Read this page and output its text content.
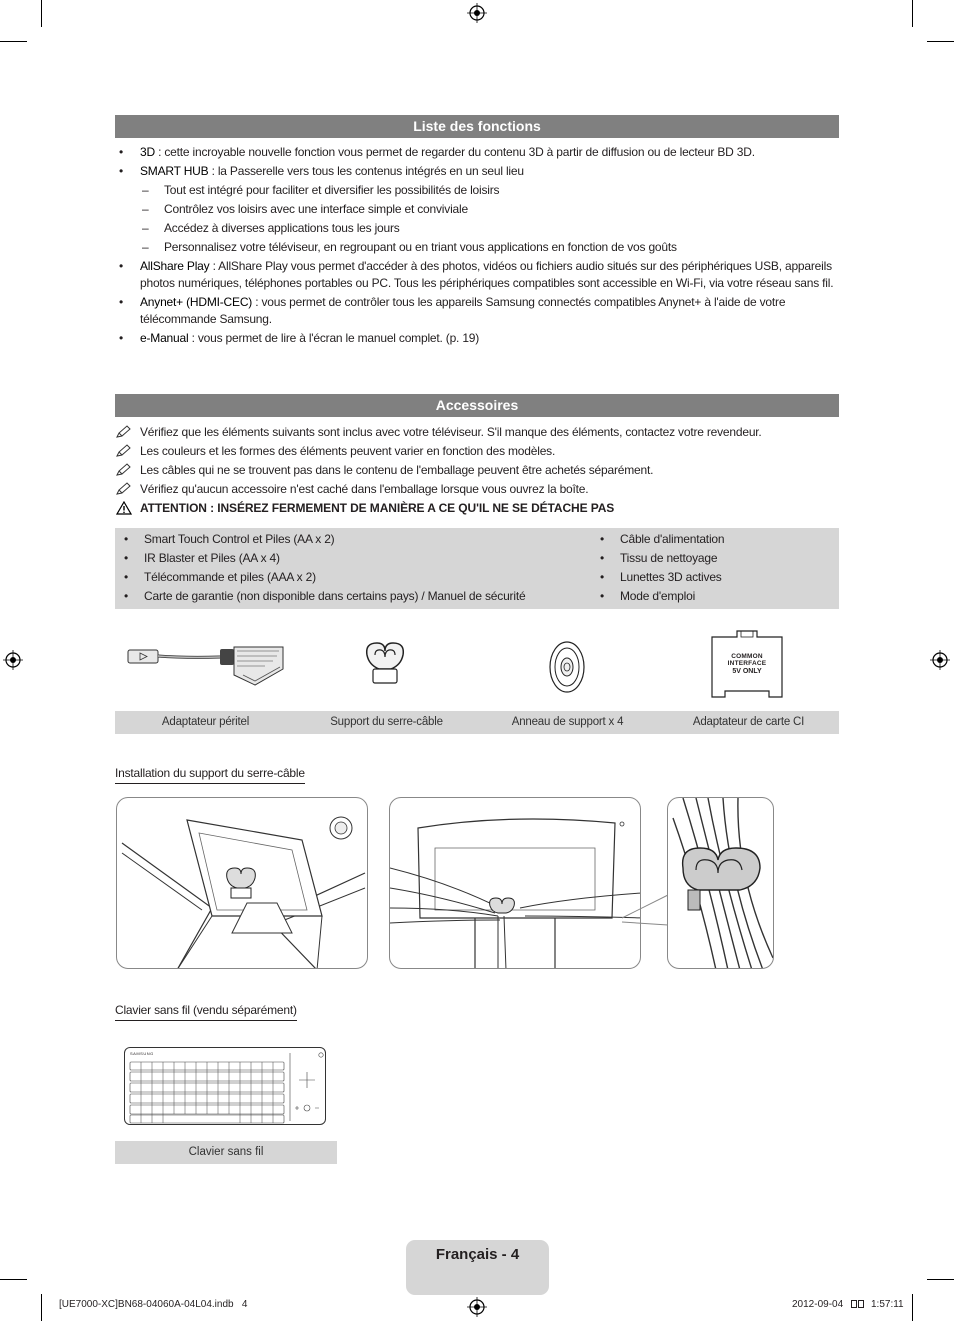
Liste des fonctions
• 3D : cette incroyable nouvelle fonction vous permet de regarder du contenu 3D à partir de diffusion ou de lecteur BD 3D.
• SMART HUB : la Passerelle vers tous les contenus intégrés en un seul lieu
– Tout est intégré pour faciliter et diversifier les possibilités de loisirs
– Contrôlez vos loisirs avec une interface simple et conviviale
– Accédez à diverses applications tous les jours
– Personnalisez votre téléviseur, en regroupant ou en triant vous applications en fonction de vos goûts
• AllShare Play : AllShare Play vous permet d'accéder à des photos, vidéos ou fichiers audio situés sur des périphériques USB, appareils photos numériques, téléphones portables ou PC. Tous les périphériques compatibles sont accessible en Wi-Fi, via votre réseau sans fil.
• Anynet+ (HDMI-CEC) : vous permet de contrôler tous les appareils Samsung connectés compatibles Anynet+ à l'aide de votre télécommande Samsung.
• e-Manual : vous permet de lire à l'écran le manuel complet. (p. 19)
Accessoires
Vérifiez que les éléments suivants sont inclus avec votre téléviseur. S'il manque des éléments, contactez votre revendeur.
Les couleurs et les formes des éléments peuvent varier en fonction des modèles.
Les câbles qui ne se trouvent pas dans le contenu de l'emballage peuvent être achetés séparément.
Vérifiez qu'aucun accessoire n'est caché dans l'emballage lorsque vous ouvrez la boîte.
ATTENTION : INSÉREZ FERMEMENT DE MANIÈRE A CE QU'IL NE SE DÉTACHE PAS
• Smart Touch Control et Piles (AA x 2)
• IR Blaster et Piles (AA x 4)
• Télécommande et piles (AAA x 2)
• Carte de garantie (non disponible dans certains pays) / Manuel de sécurité
• Câble d'alimentation
• Tissu de nettoyage
• Lunettes 3D actives
• Mode d'emploi
COMMON INTERFACE
5V ONLY
Adaptateur péritel	Support du serre-câble	Anneau de support x 4	Adaptateur de carte CI
Installation du support du serre-câble
Clavier sans fil (vendu séparément)
SAMSUNG
Clavier sans fil
Français - 4
[UE7000-XC]BN68-04060A-04L04.indb   4	2012-09-04	1:57:11
